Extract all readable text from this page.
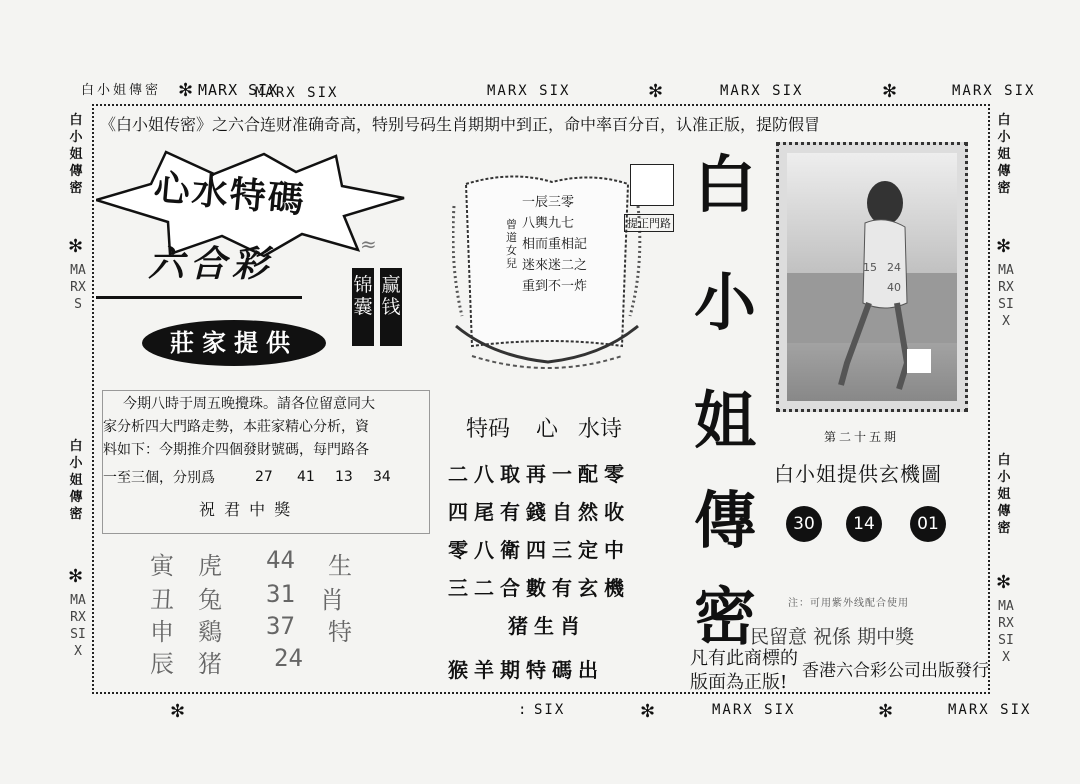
白小姐傳密 ✻ MARX SIX
MARX SIX	MARX SIX	✻	MARX SIX	✻	MARX SIX
白小姐傳密
✻
MARXS
白小姐傳密
✻
MARXSIX
白小姐傳密
✻
MARXSIX
白小姐傳密
✻
MARXSIX
《白小姐传密》之六合连财准确奇高，特别号码生肖期期中到正，命中率百分百，认准正版，提防假冒
心水特碼
六合彩	≈
锦囊
赢钱
莊家提供
今期八時于周五晚攪珠。請各位留意同大
家分析四大門路走勢，本莊家精心分析，資
料如下：今期推介四個發財號碼，每門路各
一至三個，分別爲	27 41 13 34
祝 君 中 獎
寅 虎 44 生
丑 兔 31 肖
申 鷄 37 特
辰 猪 24
一辰三零
八輿九七
相而重相記
迷來迷二之
重到不一炸
曾道女兒
提正門路
特码 心 水诗
二八取再一配零
四尾有錢自然收
零八衛四三定中
三二合數有玄機
猪生肖
猴羊期特碼出
白
小
姐
傳
密
15 24
40
第二十五期
白小姐提供玄機圖
30	14	01
注：可用紫外线配合使用
民留意 祝係 期中獎
凡有此商標的
香港六合彩公司出版發行
版面為正版!
✻	: SIX	✻	MARX SIX	✻	MARX SIX
